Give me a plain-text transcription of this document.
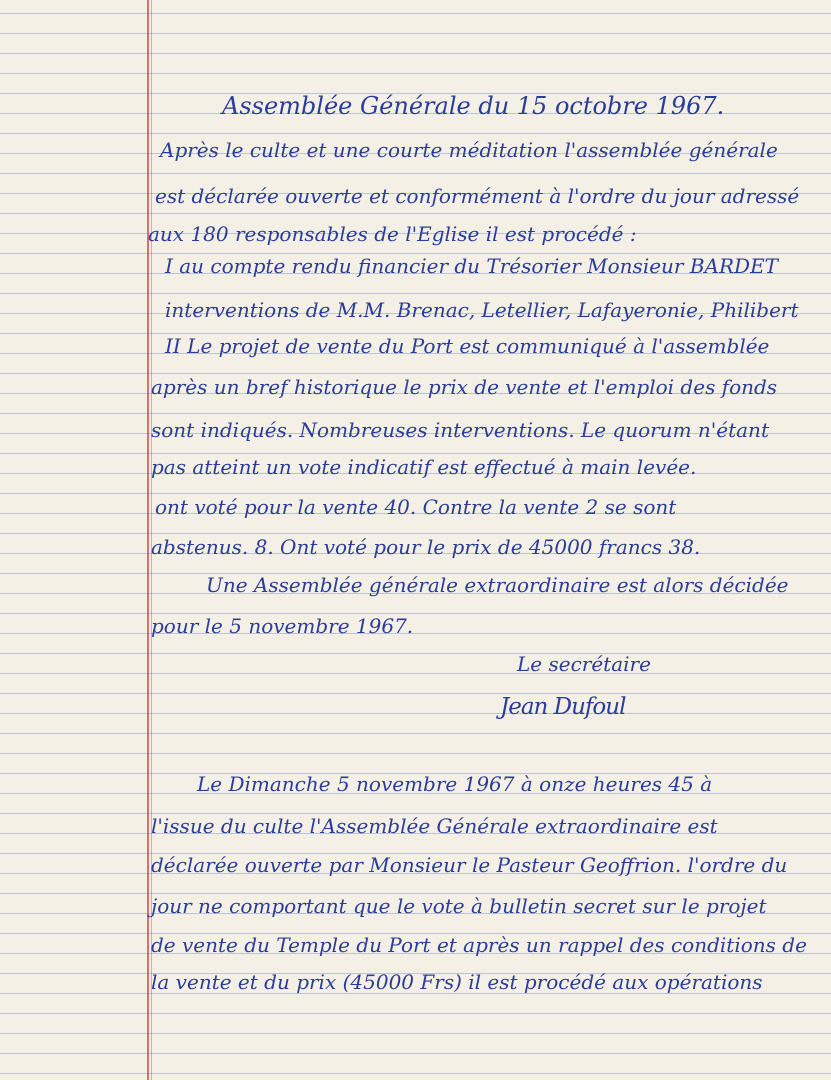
Assemblée Générale du 15 octobre 1967.

Après le culte et une courte méditation l'assemblée générale

est déclarée ouverte et conformément à l'ordre du jour adressé

aux 180 responsables de l'Eglise il est procédé :

I au compte rendu financier du Trésorier Monsieur BARDET

interventions de M.M. Brenac, Letellier, Lafayeronie, Philibert

II Le projet de vente du Port est communiqué à l'assemblée

après un bref historique le prix de vente et l'emploi des fonds

sont indiqués. Nombreuses interventions. Le quorum n'étant

pas atteint un vote indicatif est effectué à main levée.

ont voté pour la vente 40. Contre la vente 2 se sont

abstenus. 8. Ont voté pour le prix de 45000 francs 38.

Une Assemblée générale extraordinaire est alors décidée

pour le 5 novembre 1967.

Le secrétaire

Jean Dufoul

Le Dimanche 5 novembre 1967 à onze heures 45 à

l'issue du culte l'Assemblée Générale extraordinaire est

déclarée ouverte par Monsieur le Pasteur Geoffrion. l'ordre du

jour ne comportant que le vote à bulletin secret sur le projet

de vente du Temple du Port et après un rappel des conditions de

la vente et du prix (45000 Frs) il est procédé aux opérations
